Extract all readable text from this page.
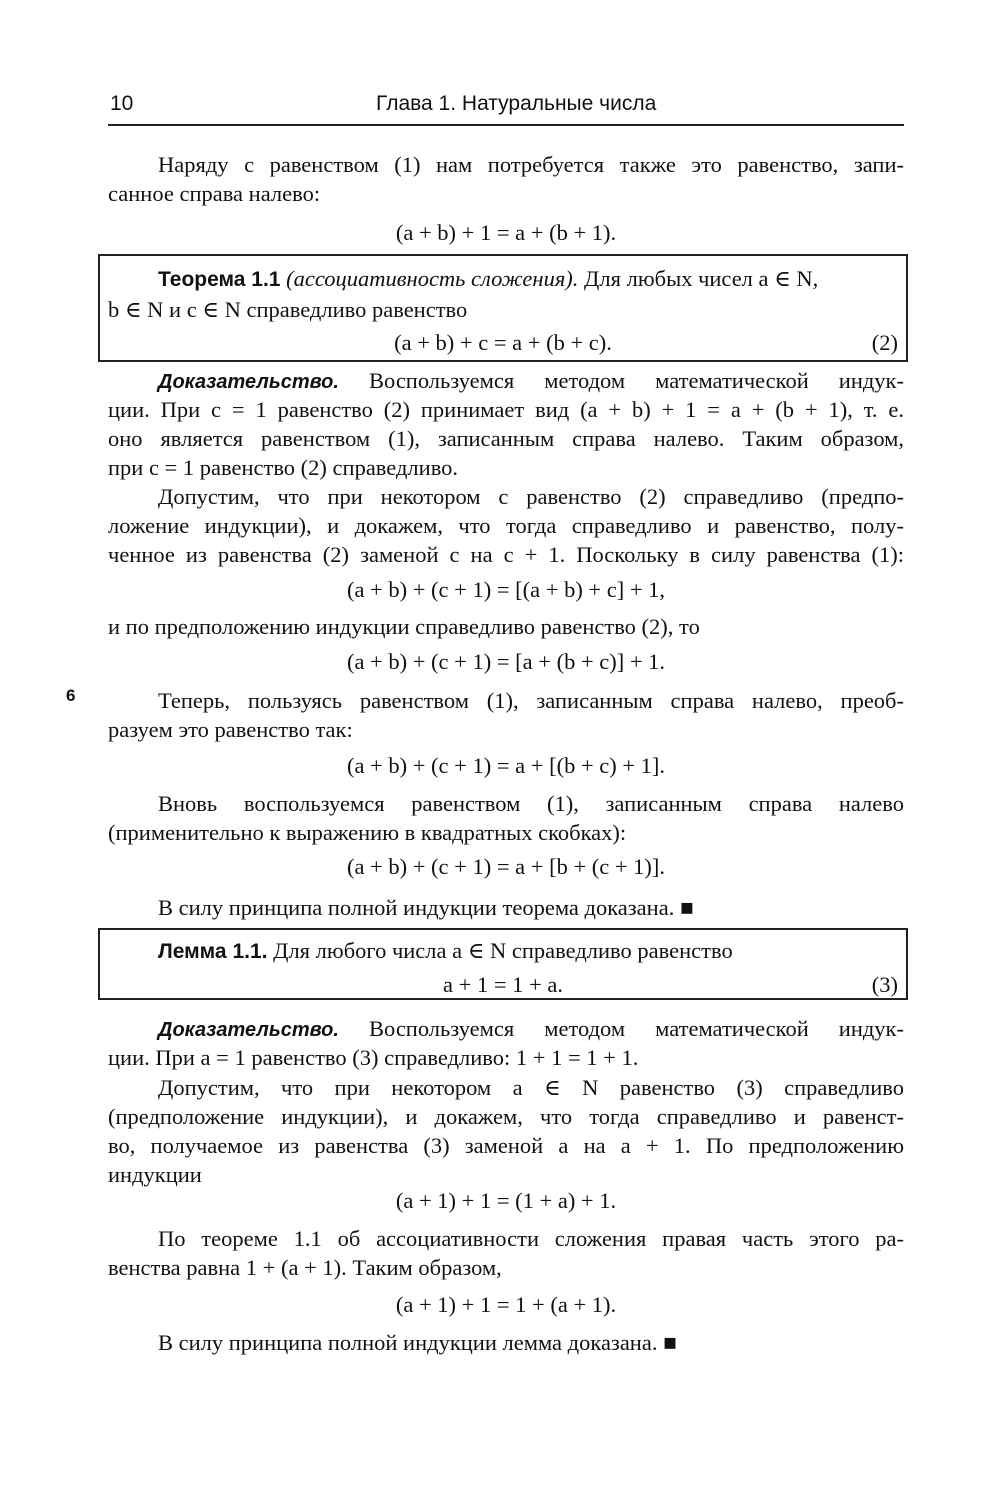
10	Глава 1. Натуральные числа
6
Наряду с равенством (1) нам потребуется также это равенство, запи-
санное справа налево:
(a + b) + 1 = a + (b + 1).
Теорема 1.1 (ассоциативность сложения). Для любых чисел a ∈ N,
b ∈ N и c ∈ N справедливо равенство
(a + b) + c = a + (b + c).	(2)
Доказательство. Воспользуемся методом математической индук-
ции. При c = 1 равенство (2) принимает вид (a + b) + 1 = a + (b + 1), т. е.
оно является равенством (1), записанным справа налево. Таким образом,
при c = 1 равенство (2) справедливо.
Допустим, что при некотором c равенство (2) справедливо (предпо-
ложение индукции), и докажем, что тогда справедливо и равенство, полу-
ченное из равенства (2) заменой c на c + 1. Поскольку в силу равенства (1):
(a + b) + (c + 1) = [(a + b) + c] + 1,
и по предположению индукции справедливо равенство (2), то
(a + b) + (c + 1) = [a + (b + c)] + 1.
Теперь, пользуясь равенством (1), записанным справа налево, преоб-
разуем это равенство так:
(a + b) + (c + 1) = a + [(b + c) + 1].
Вновь воспользуемся равенством (1), записанным справа налево
(применительно к выражению в квадратных скобках):
(a + b) + (c + 1) = a + [b + (c + 1)].
В силу принципа полной индукции теорема доказана. ■
Лемма 1.1. Для любого числа a ∈ N справедливо равенство
a + 1 = 1 + a.	(3)
Доказательство. Воспользуемся методом математической индук-
ции. При a = 1 равенство (3) справедливо: 1 + 1 = 1 + 1.
Допустим, что при некотором a ∈ N равенство (3) справедливо
(предположение индукции), и докажем, что тогда справедливо и равенст-
во, получаемое из равенства (3) заменой a на a + 1. По предположению
индукции
(a + 1) + 1 = (1 + a) + 1.
По теореме 1.1 об ассоциативности сложения правая часть этого ра-
венства равна 1 + (a + 1). Таким образом,
(a + 1) + 1 = 1 + (a + 1).
В силу принципа полной индукции лемма доказана. ■
